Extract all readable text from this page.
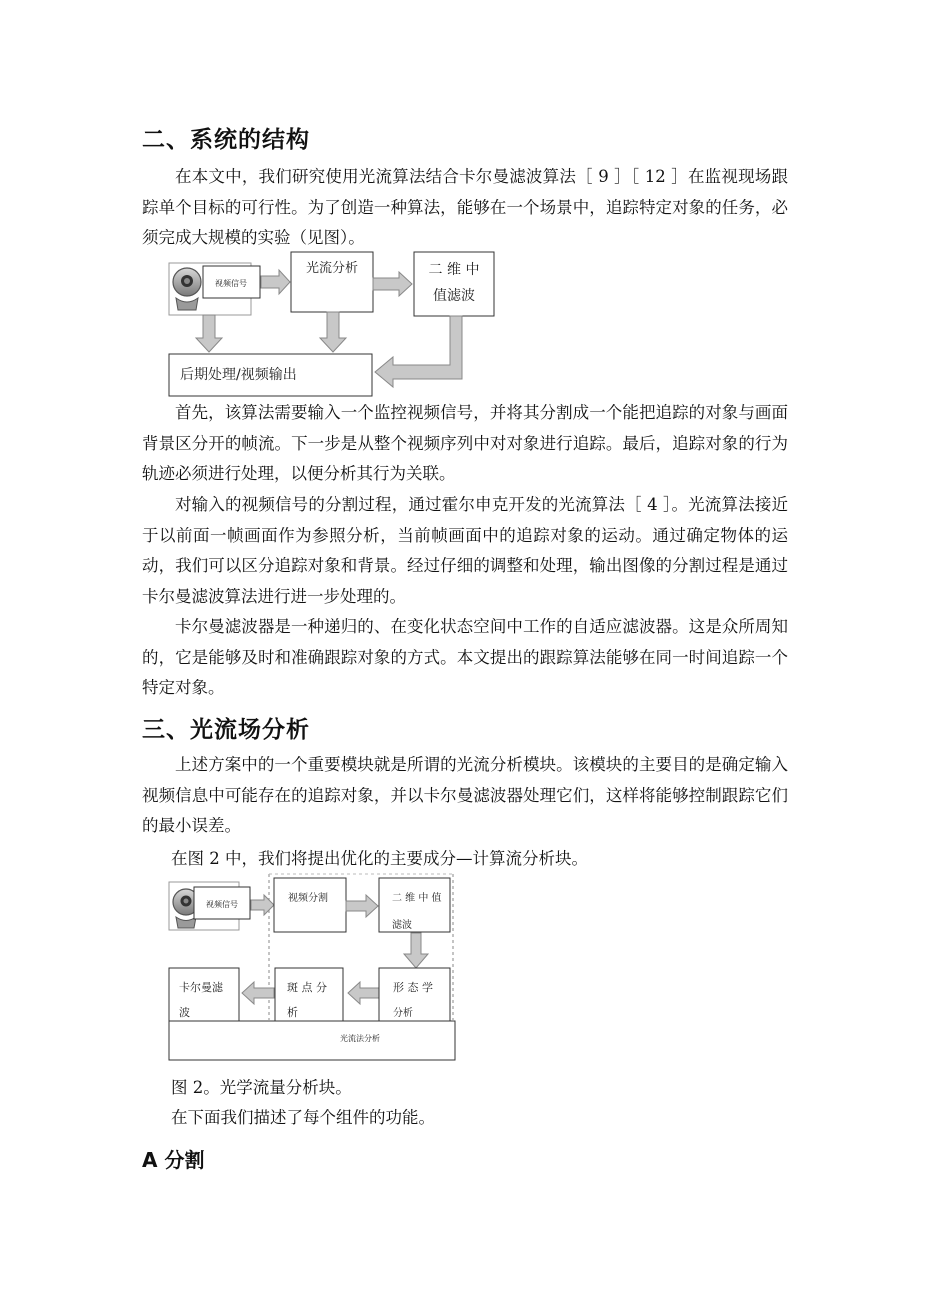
二、系统的结构

在本文中，我们研究使用光流算法结合卡尔曼滤波算法［ 9 ］［ 12 ］在监视现场跟踪单个目标的可行性。为了创造一种算法，能够在一个场景中，追踪特定对象的任务，必须完成大规模的实验（见图）。

视频信号
光流分析	二 维 中
值滤波
后期处理/视频输出

首先，该算法需要输入一个监控视频信号，并将其分割成一个能把追踪的对象与画面背景区分开的帧流。下一步是从整个视频序列中对对象进行追踪。最后，追踪对象的行为轨迹必须进行处理，以便分析其行为关联。

对输入的视频信号的分割过程，通过霍尔申克开发的光流算法［ 4 ］。光流算法接近于以前面一帧画面作为参照分析，当前帧画面中的追踪对象的运动。通过确定物体的运动，我们可以区分追踪对象和背景。经过仔细的调整和处理，输出图像的分割过程是通过卡尔曼滤波算法进行进一步处理的。

卡尔曼滤波器是一种递归的、在变化状态空间中工作的自适应滤波器。这是众所周知的，它是能够及时和准确跟踪对象的方式。本文提出的跟踪算法能够在同一时间追踪一个特定对象。

三、光流场分析

上述方案中的一个重要模块就是所谓的光流分析模块。该模块的主要目的是确定输入视频信息中可能存在的追踪对象，并以卡尔曼滤波器处理它们，这样将能够控制跟踪它们的最小误差。

在图 2 中，我们将提出优化的主要成分—计算流分析块。

视频信号
视频分割	二 维 中 值
滤波
卡尔曼滤
波
斑 点 分
析
形 态 学
分析
光流法分析

图 2。光学流量分析块。

在下面我们描述了每个组件的功能。

A 分割
